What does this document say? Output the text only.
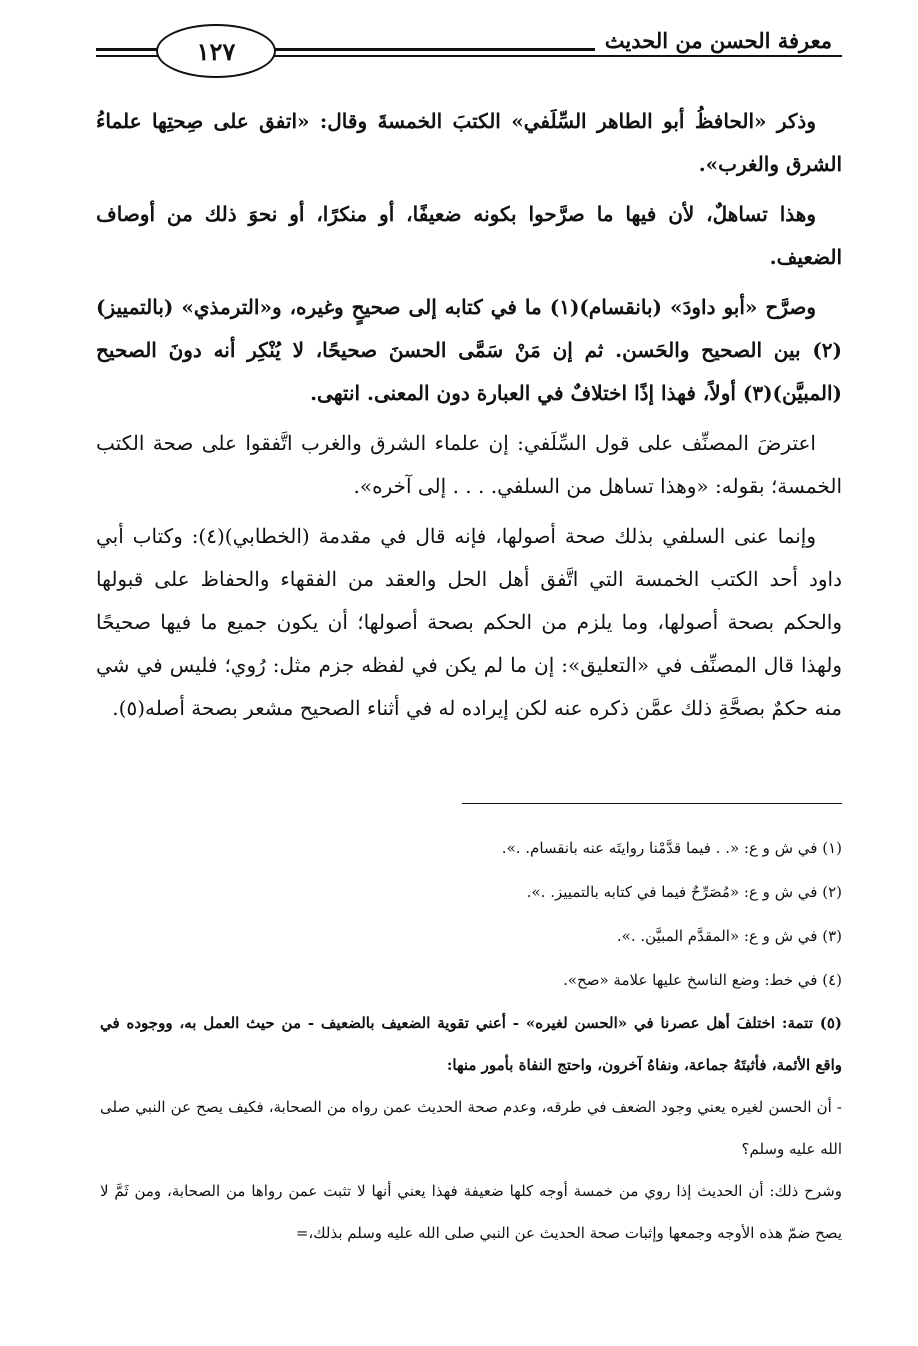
١٢٧	معرفة الحسن من الحديث

وذكر «الحافظُ أبو الطاهر السِّلَفي» الكتبَ الخمسةَ وقال: «اتفق على صِحتِها علماءُ الشرق والغرب».

وهذا تساهلٌ، لأن فيها ما صرَّحوا بكونه ضعيفًا، أو منكرًا، أو نحوَ ذلك من أوصاف الضعيف.

وصرَّح «أبو داودَ» (بانقسام)(١) ما في كتابه إلى صحيحٍ وغيره، و«الترمذي» (بالتمييز)(٢) بين الصحيح والحَسن. ثم إن مَنْ سَمَّى الحسنَ صحيحًا، لا يُنْكِر أنه دونَ الصحيح (المبيَّن)(٣) أولاً، فهذا إذًا اختلافٌ في العبارة دون المعنى. انتهى.

اعترضَ المصنِّف على قول السِّلَفي: إن علماء الشرق والغرب اتَّفقوا على صحة الكتب الخمسة؛ بقوله: «وهذا تساهل من السلفي. . . . إلى آخره».

وإنما عنى السلفي بذلك صحة أصولها، فإنه قال في مقدمة (الخطابي)(٤): وكتاب أبي داود أحد الكتب الخمسة التي اتَّفق أهل الحل والعقد من الفقهاء والحفاظ على قبولها والحكم بصحة أصولها، وما يلزم من الحكم بصحة أصولها؛ أن يكون جميع ما فيها صحيحًا ولهذا قال المصنِّف في «التعليق»: إن ما لم يكن في لفظه جزم مثل: رُوي؛ فليس في شي منه حكمٌ بصحَّةِ ذلك عمَّن ذكره عنه لكن إيراده له في أثناء الصحيح مشعر بصحة أصله(٥).

(١) في ش و ع: «. . فيما قدَّمْنا روايتَه عنه بانقسام. .».
(٢) في ش و ع: «مُصَرِّحٌ فيما في كتابه بالتمييز. .».
(٣) في ش و ع: «المقدَّم المبيَّن. .».
(٤) في خط: وضع الناسخ عليها علامة «صح».
(٥) تتمة: اختلفَ أهل عصرنا في «الحسن لغيره» - أعني تقوية الضعيف بالضعيف - من حيث العمل به، ووجوده في واقع الأئمة، فأثبتَهُ جماعة، ونفاهُ آخرون، واحتج النفاة بأمور منها:
- أن الحسن لغيره يعني وجود الضعف في طرقه، وعدم صحة الحديث عمن رواه من الصحابة، فكيف يصح عن النبي صلى الله عليه وسلم؟
وشرح ذلك: أن الحديث إذا روي من خمسة أوجه كلها ضعيفة فهذا يعني أنها لا تثبت عمن رواها من الصحابة، ومن ثَمَّ لا يصح ضمّ هذه الأوجه وجمعها وإثبات صحة الحديث عن النبي صلى الله عليه وسلم بذلك،=
